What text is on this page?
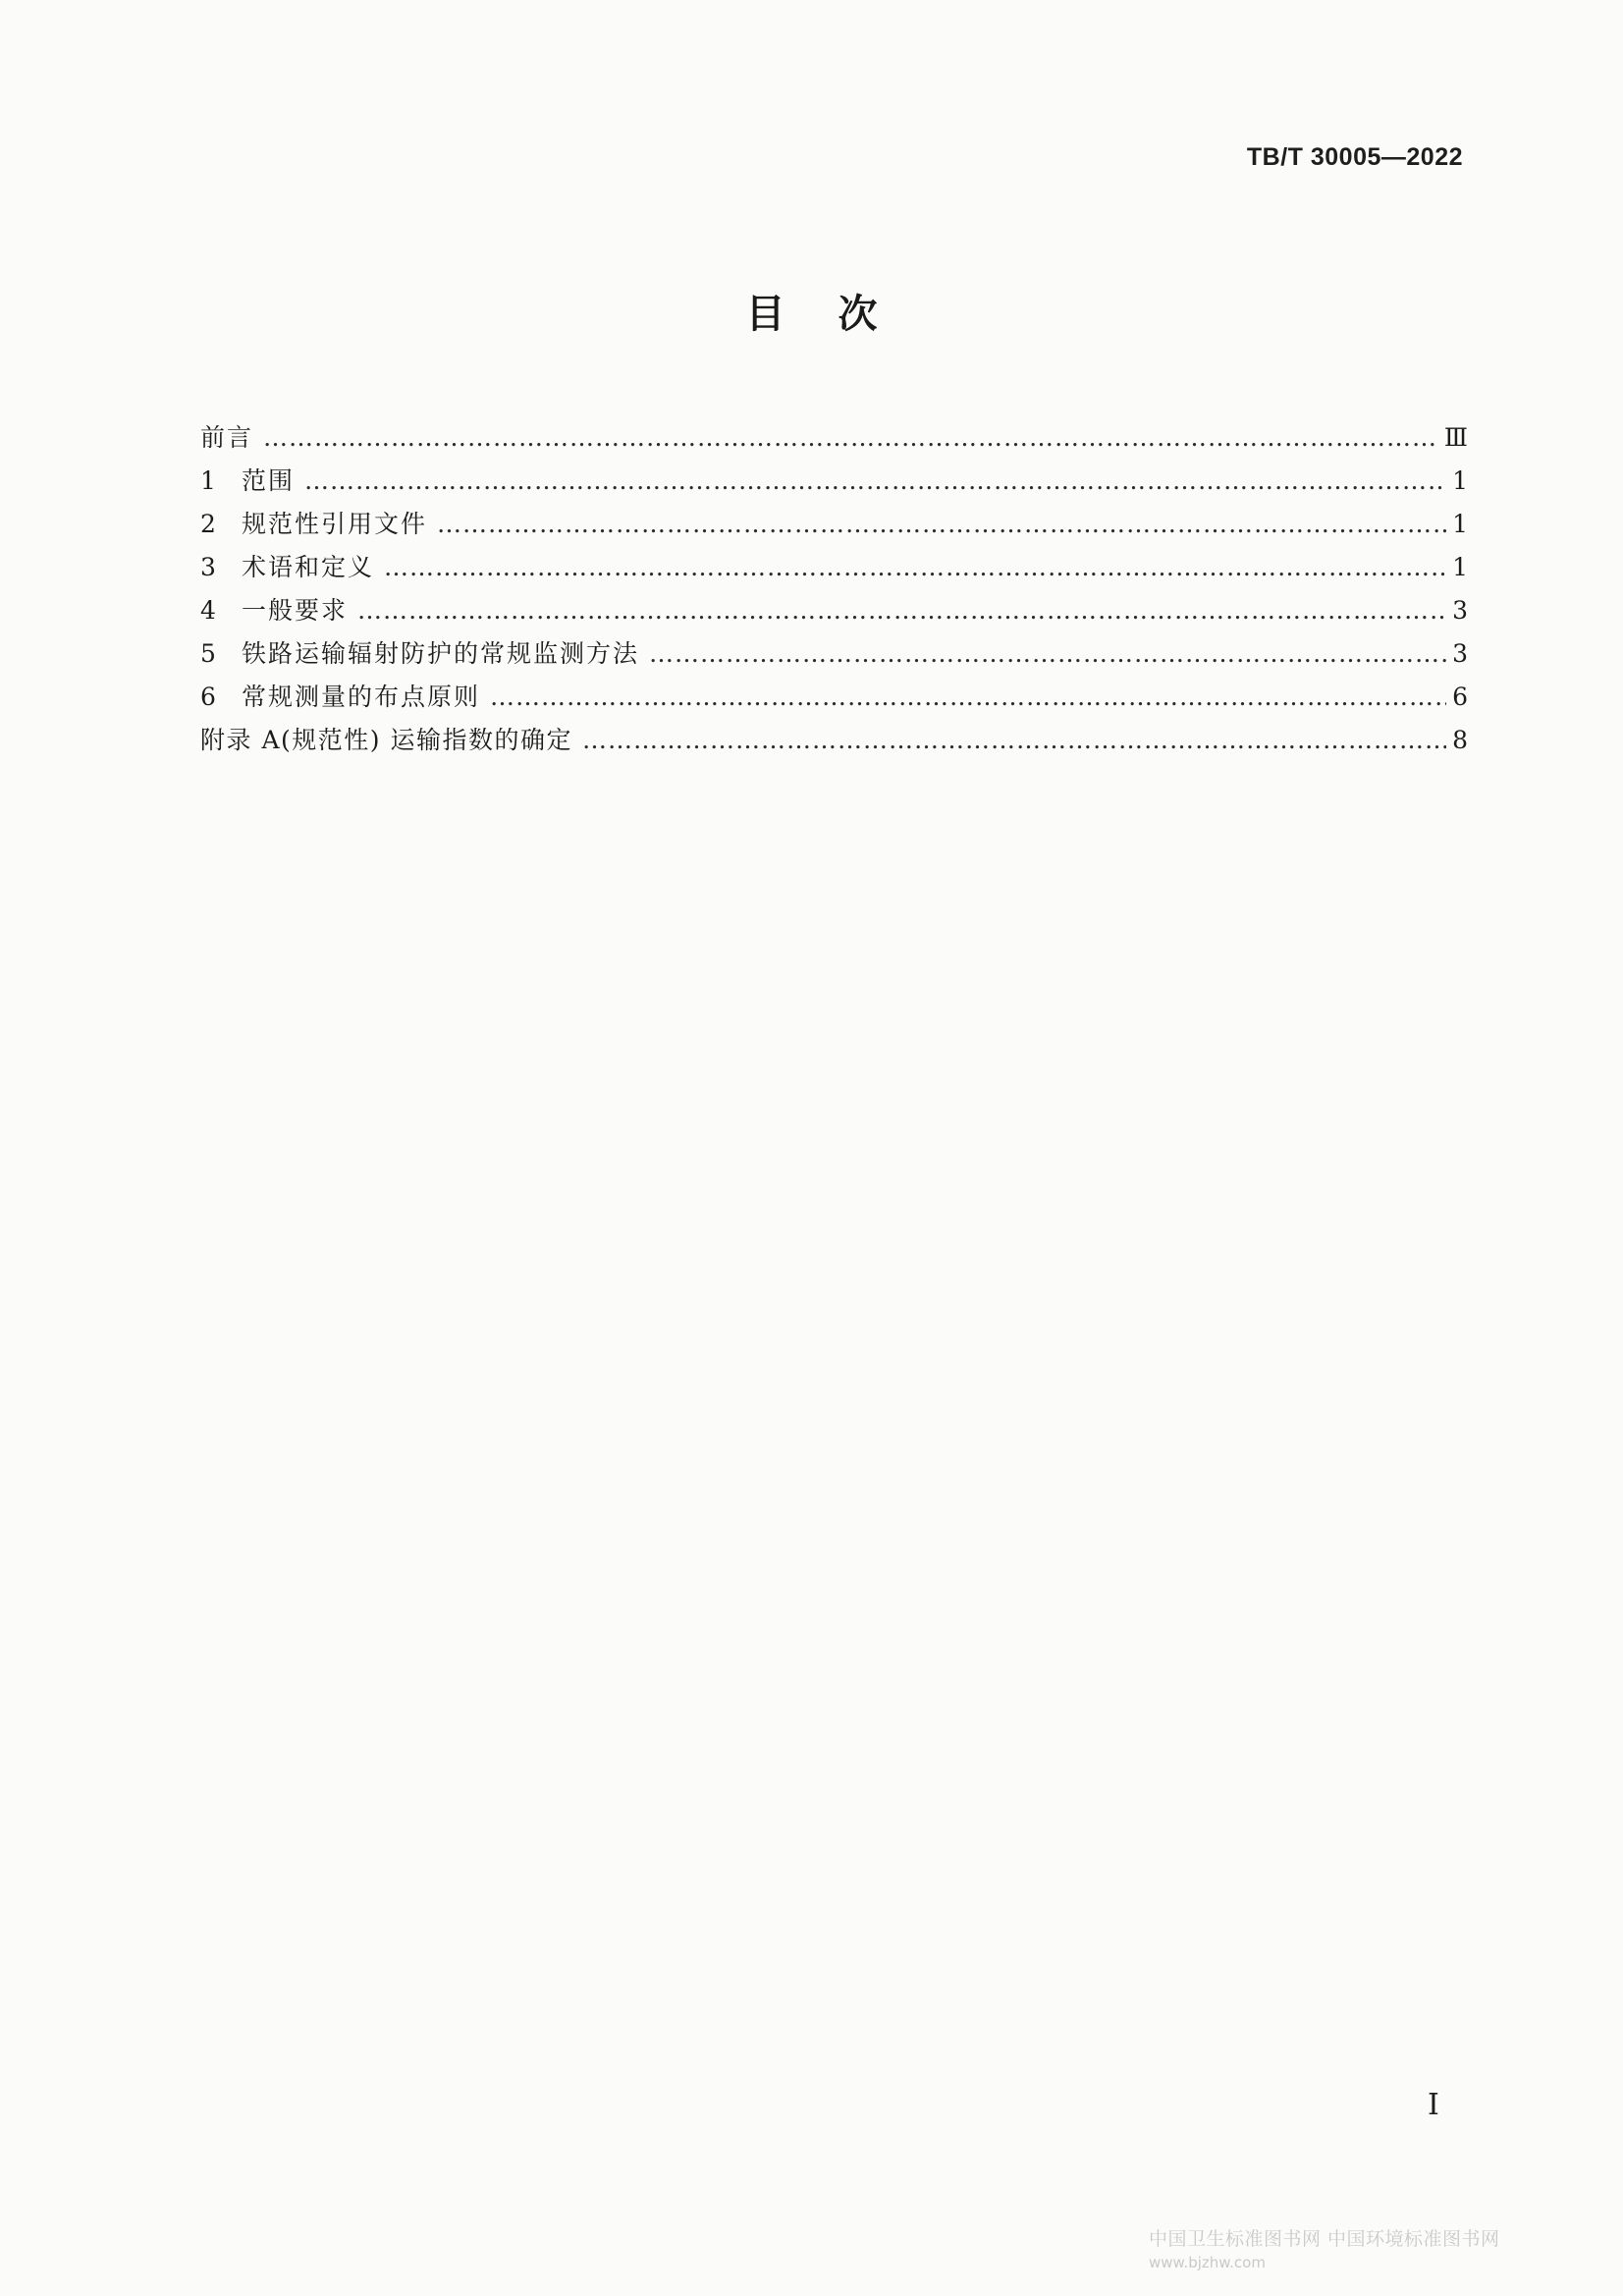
TB/T 30005—2022
目次
前言 …………………………………………………………………………………………………………………………………………………………………………………………………………………………	Ⅲ
1	范围 …………………………………………………………………………………………………………………………………………………………………………………………………………………………	1
2	规范性引用文件 …………………………………………………………………………………………………………………………………………………………………………………………………………………………	1
3	术语和定义 …………………………………………………………………………………………………………………………………………………………………………………………………………………………	1
4	一般要求 …………………………………………………………………………………………………………………………………………………………………………………………………………………………	3
5	铁路运输辐射防护的常规监测方法 …………………………………………………………………………………………………………………………………………………………………………………………………………………………	3
6	常规测量的布点原则 …………………………………………………………………………………………………………………………………………………………………………………………………………………………	6
附录 A(规范性) 运输指数的确定 …………………………………………………………………………………………………………………………………………………………………………………………………………………………	8
I
中国卫生标准图书网 中国环境标准图书网
www.bjzhw.com
